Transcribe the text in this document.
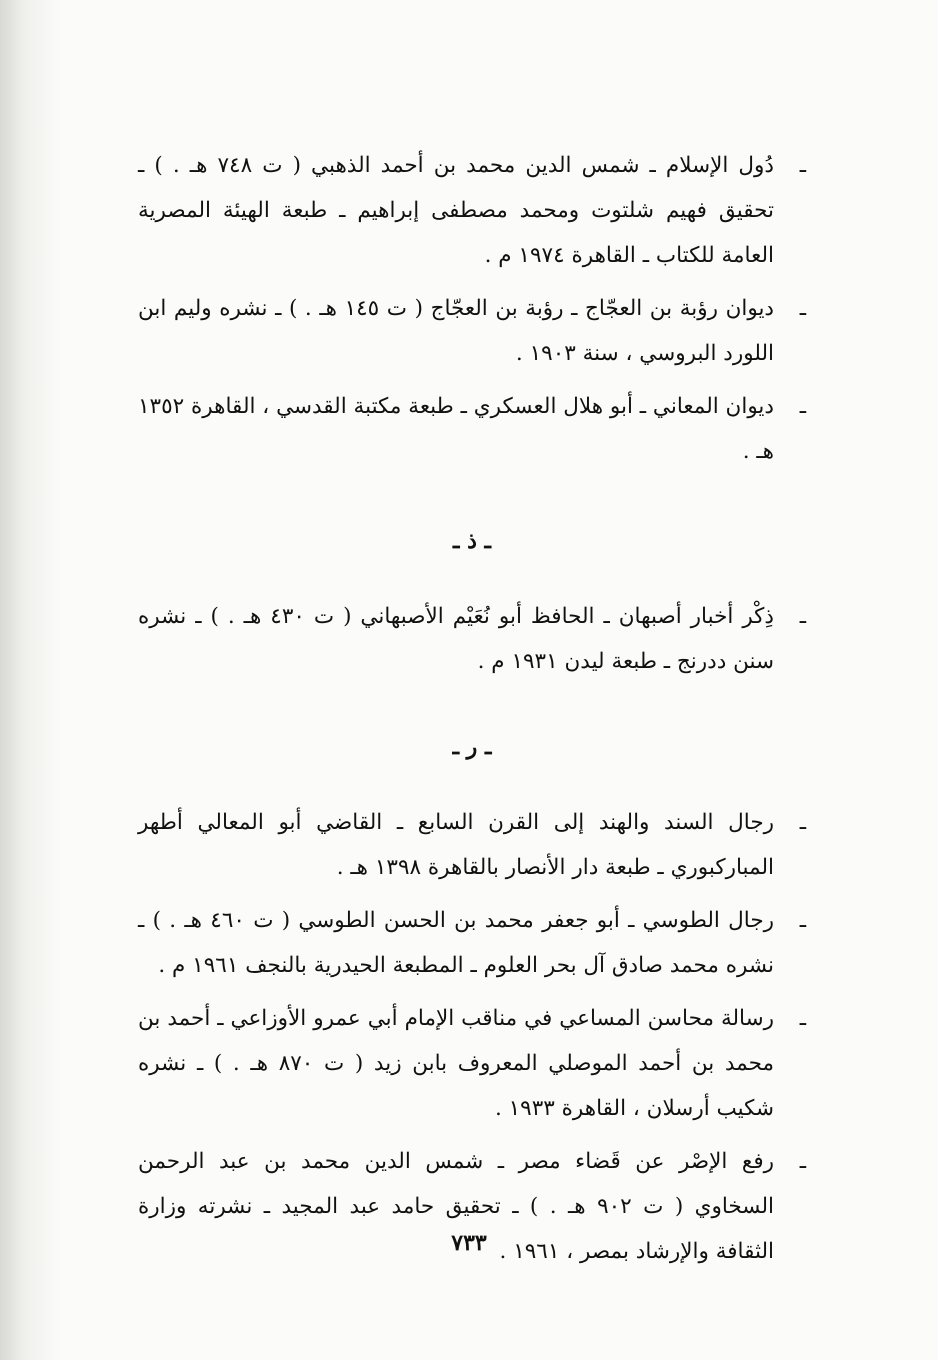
ـ
دُول الإسلام ـ شمس الدين محمد بن أحمد الذهبي ( ت ٧٤٨ هـ . ) ـ تحقيق فهيم شلتوت ومحمد مصطفى إبراهيم ـ طبعة الهيئة المصرية العامة للكتاب ـ القاهرة ١٩٧٤ م .
ـ
ديوان رؤبة بن العجّاج ـ رؤبة بن العجّاج ( ت ١٤٥ هـ . ) ـ نشره وليم ابن اللورد البروسي ، سنة ١٩٠٣ .
ـ
ديوان المعاني ـ أبو هلال العسكري ـ طبعة مكتبة القدسي ، القاهرة ١٣٥٢ هـ .
ـ ذ ـ
ـ
ذِكْر أخبار أصبهان ـ الحافظ أبو نُعَيْم الأصبهاني ( ت ٤٣٠ هـ . ) ـ نشره سنن ددرنج ـ طبعة ليدن ١٩٣١ م .
ـ ر ـ
ـ
رجال السند والهند إلى القرن السابع ـ القاضي أبو المعالي أطهر المباركبوري ـ طبعة دار الأنصار بالقاهرة ١٣٩٨ هـ .
ـ
رجال الطوسي ـ أبو جعفر محمد بن الحسن الطوسي ( ت ٤٦٠ هـ . ) ـ نشره محمد صادق آل بحر العلوم ـ المطبعة الحيدرية بالنجف ١٩٦١ م .
ـ
رسالة محاسن المساعي في مناقب الإمام أبي عمرو الأوزاعي ـ أحمد بن محمد بن أحمد الموصلي المعروف بابن زيد ( ت ٨٧٠ هـ . ) ـ نشره شكيب أرسلان ، القاهرة ١٩٣٣ .
ـ
رفع الإصْر عن قَضاء مصر ـ شمس الدين محمد بن عبد الرحمن السخاوي ( ت ٩٠٢ هـ . ) ـ تحقيق حامد عبد المجيد ـ نشرته وزارة الثقافة والإرشاد بمصر ، ١٩٦١ .
٧٣٣
